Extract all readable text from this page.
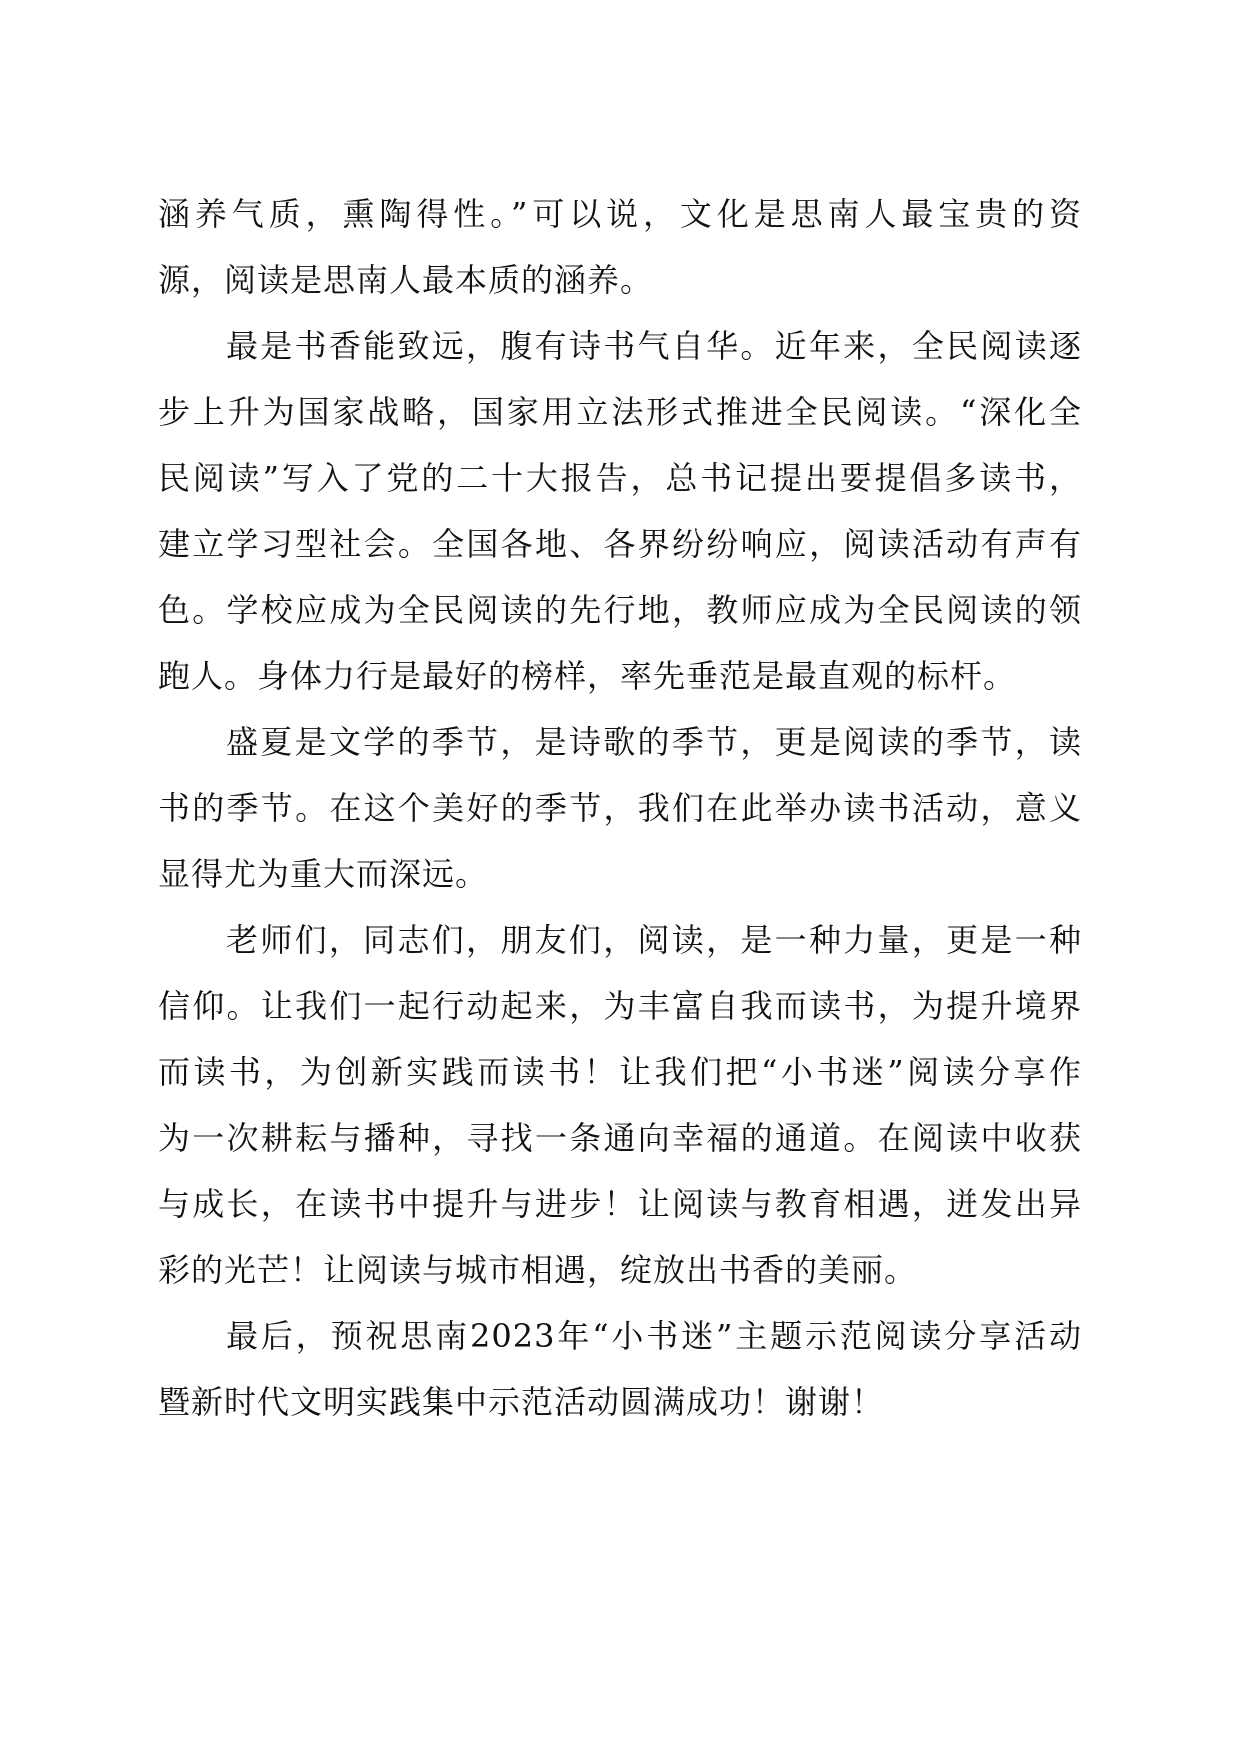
涵养气质，熏陶得性。”可以说，文化是思南人最宝贵的资
源，阅读是思南人最本质的涵养。
最是书香能致远，腹有诗书气自华。近年来，全民阅读逐
步上升为国家战略，国家用立法形式推进全民阅读。“深化全
民阅读”写入了党的二十大报告，总书记提出要提倡多读书，
建立学习型社会。全国各地、各界纷纷响应，阅读活动有声有
色。学校应成为全民阅读的先行地，教师应成为全民阅读的领
跑人。身体力行是最好的榜样，率先垂范是最直观的标杆。
盛夏是文学的季节，是诗歌的季节，更是阅读的季节，读
书的季节。在这个美好的季节，我们在此举办读书活动，意义
显得尤为重大而深远。
老师们，同志们，朋友们，阅读，是一种力量，更是一种
信仰。让我们一起行动起来，为丰富自我而读书，为提升境界
而读书，为创新实践而读书！让我们把“小书迷”阅读分享作
为一次耕耘与播种，寻找一条通向幸福的通道。在阅读中收获
与成长，在读书中提升与进步！让阅读与教育相遇，迸发出异
彩的光芒！让阅读与城市相遇，绽放出书香的美丽。
最后，预祝思南2023年“小书迷”主题示范阅读分享活动
暨新时代文明实践集中示范活动圆满成功！谢谢！
